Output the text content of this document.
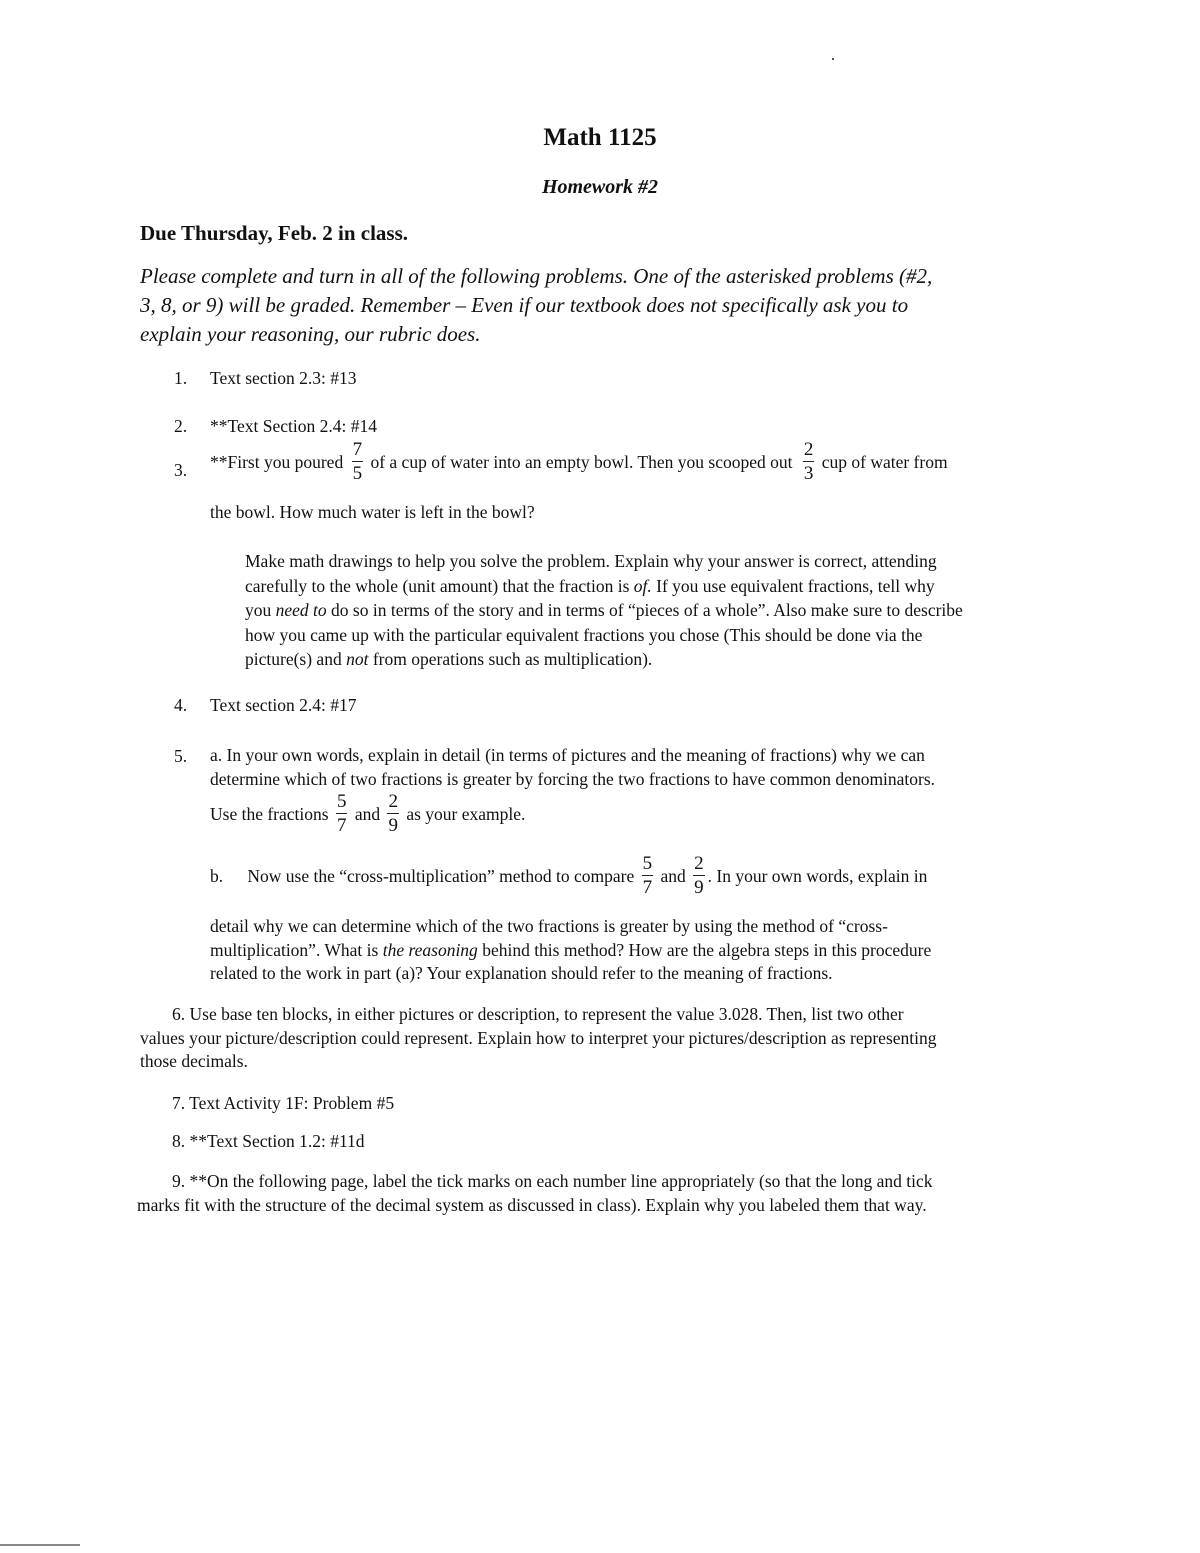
Math 1125
Homework #2
Due Thursday, Feb. 2 in class.
Please complete and turn in all of the following problems. One of the asterisked problems (#2,
3, 8, or 9) will be graded. Remember – Even if our textbook does not specifically ask you to
explain your reasoning, our rubric does.
1. Text section 2.3: #13
2. **Text Section 2.4: #14
3. **First you poured $\frac{7}{5}$ of a cup of water into an empty bowl. Then you scooped out $\frac{2}{3}$ cup of water from
the bowl. How much water is left in the bowl?
Make math drawings to help you solve the problem. Explain why your answer is correct, attending
carefully to the whole (unit amount) that the fraction is of. If you use equivalent fractions, tell why
you need to do so in terms of the story and in terms of “pieces of a whole”. Also make sure to describe
how you came up with the particular equivalent fractions you chose (This should be done via the
picture(s) and not from operations such as multiplication).
4. Text section 2.4: #17
5. a. In your own words, explain in detail (in terms of pictures and the meaning of fractions) why we can
determine which of two fractions is greater by forcing the two fractions to have common denominators.
Use the fractions $\frac{5}{7}$ and $\frac{2}{9}$ as your example.
b. Now use the “cross-multiplication” method to compare $\frac{5}{7}$ and $\frac{2}{9}$ . In your own words, explain in
detail why we can determine which of the two fractions is greater by using the method of “cross-
multiplication”. What is the reasoning behind this method? How are the algebra steps in this procedure
related to the work in part (a)? Your explanation should refer to the meaning of fractions.
6. Use base ten blocks, in either pictures or description, to represent the value 3.028. Then, list two other
values your picture/description could represent. Explain how to interpret your pictures/description as representing
those decimals.
7. Text Activity 1F: Problem #5
8. **Text Section 1.2: #11d
9. **On the following page, label the tick marks on each number line appropriately (so that the long and tick
marks fit with the structure of the decimal system as discussed in class). Explain why you labeled them that way.
